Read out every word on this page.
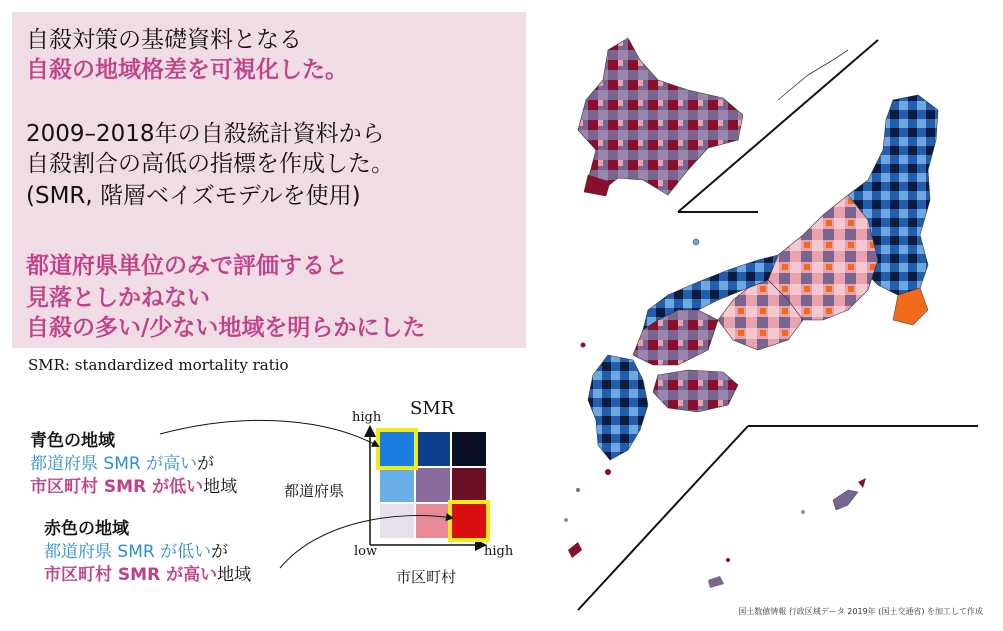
自殺対策の基礎資料となる
自殺の地域格差を可視化した。
2009–2018年の自殺統計資料から
自殺割合の高低の指標を作成した。
(SMR, 階層ベイズモデルを使用)
都道府県単位のみで評価すると
見落としかねない
自殺の多い/少ない地域を明らかにした
SMR: standardized mortality ratio
青色の地域
都道府県 SMR が高いが
市区町村 SMR が低い地域
赤色の地域
都道府県 SMR が低いが
市区町村 SMR が高い地域
SMR
high
low	high
都道府県
市区町村
国土数値情報 行政区域データ 2019年 (国土交通省) を加工して作成
